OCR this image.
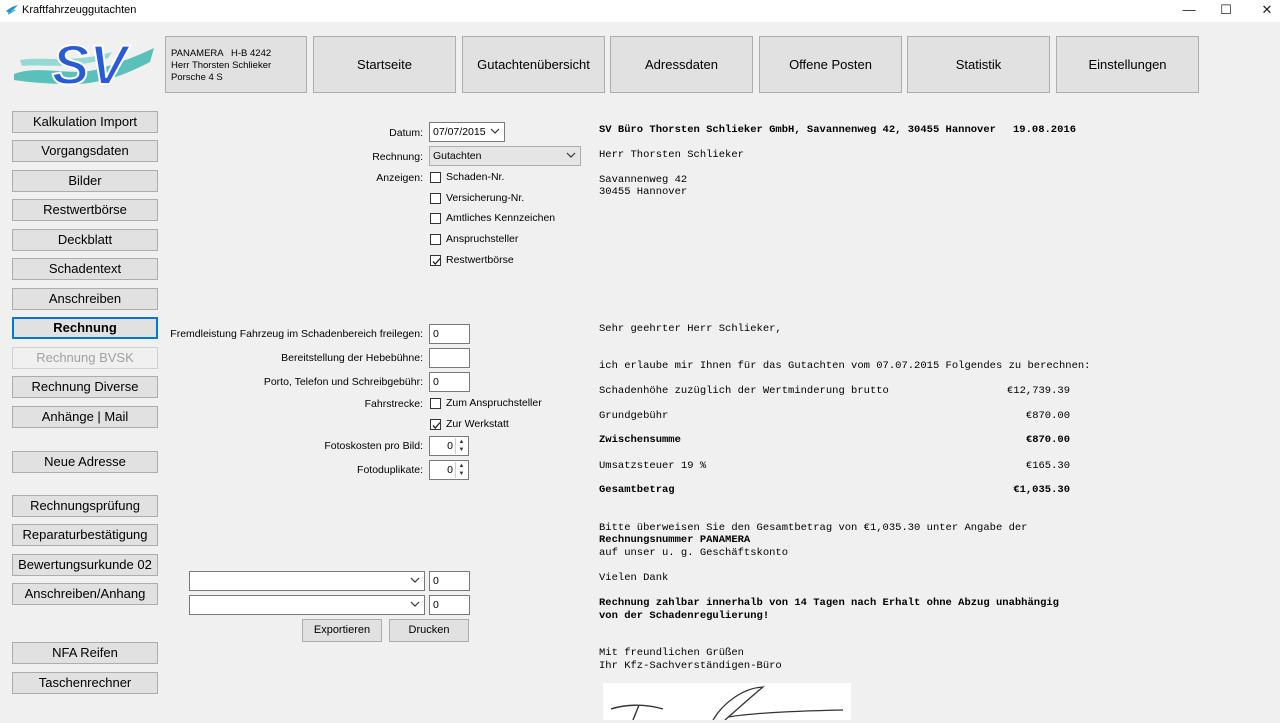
Kraftfahrzeuggutachten	—	☐	✕
SV	PANAMERA   H-B 4242
Herr Thorsten Schlieker
Porsche 4 S
Startseite	Gutachtenübersicht	Adressdaten	Offene Posten	Statistik	Einstellungen
Kalkulation Import
Vorgangsdaten
Bilder
Restwertbörse
Deckblatt
Schadentext
Anschreiben
Rechnung
Rechnung BVSK
Rechnung Diverse
Anhänge | Mail
Neue Adresse
Rechnungsprüfung
Reparaturbestätigung
Bewertungsurkunde 02
Anschreiben/Anhang
NFA Reifen
Taschenrechner
Datum: 07/07/2015
Rechnung: Gutachten
Anzeigen: Schaden-Nr.
Versicherung-Nr.
Amtliches Kennzeichen
Anspruchsteller
Restwertbörse
Fremdleistung Fahrzeug im Schadenbereich freilegen: 0
Bereitstellung der Hebebühne:
Porto, Telefon und Schreibgebühr: 0
Fahrstrecke: Zum Anspruchsteller
Zur Werkstatt
Fotoskosten pro Bild: 0 ▲
▼
Fotoduplikate: 0 ▲
▼
0
0
Exportieren	Drucken
SV Büro Thorsten Schlieker GmbH, Savannenweg 42, 30455 Hannover 19.08.2016
Herr Thorsten Schlieker
Savannenweg 42
30455 Hannover
Sehr geehrter Herr Schlieker,
ich erlaube mir Ihnen für das Gutachten vom 07.07.2015 Folgendes zu berechnen:
Schadenhöhe zuzüglich der Wertminderung brutto	€12,739.39
Grundgebühr	€870.00
Zwischensumme	€870.00
Umsatzsteuer 19 %	€165.30
Gesamtbetrag	€1,035.30
Bitte überweisen Sie den Gesamtbetrag von €1,035.30 unter Angabe der
Rechnungsnummer PANAMERA
auf unser u. g. Geschäftskonto
Vielen Dank
Rechnung zahlbar innerhalb von 14 Tagen nach Erhalt ohne Abzug unabhängig
von der Schadenregulierung!
Mit freundlichen Grüßen
Ihr Kfz-Sachverständigen-Büro
